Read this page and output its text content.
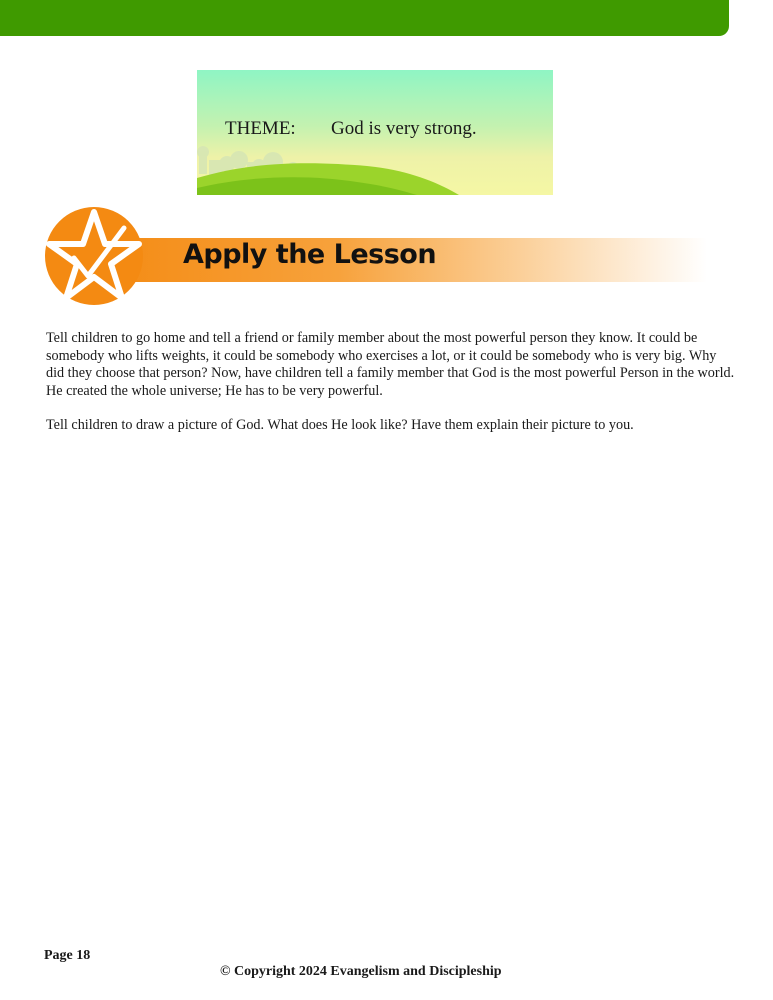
THEME: God is very strong.
Apply the Lesson

Tell children to go home and tell a friend or family member about the most powerful person they know. It could be somebody who lifts weights, it could be somebody who exercises a lot, or it could be somebody who is very big. Why did they choose that person? Now, have children tell a family member that God is the most powerful Person in the world. He created the whole universe; He has to be very powerful.

Tell children to draw a picture of God. What does He look like? Have them explain their picture to you.

Page 18
© Copyright 2024 Evangelism and Discipleship
